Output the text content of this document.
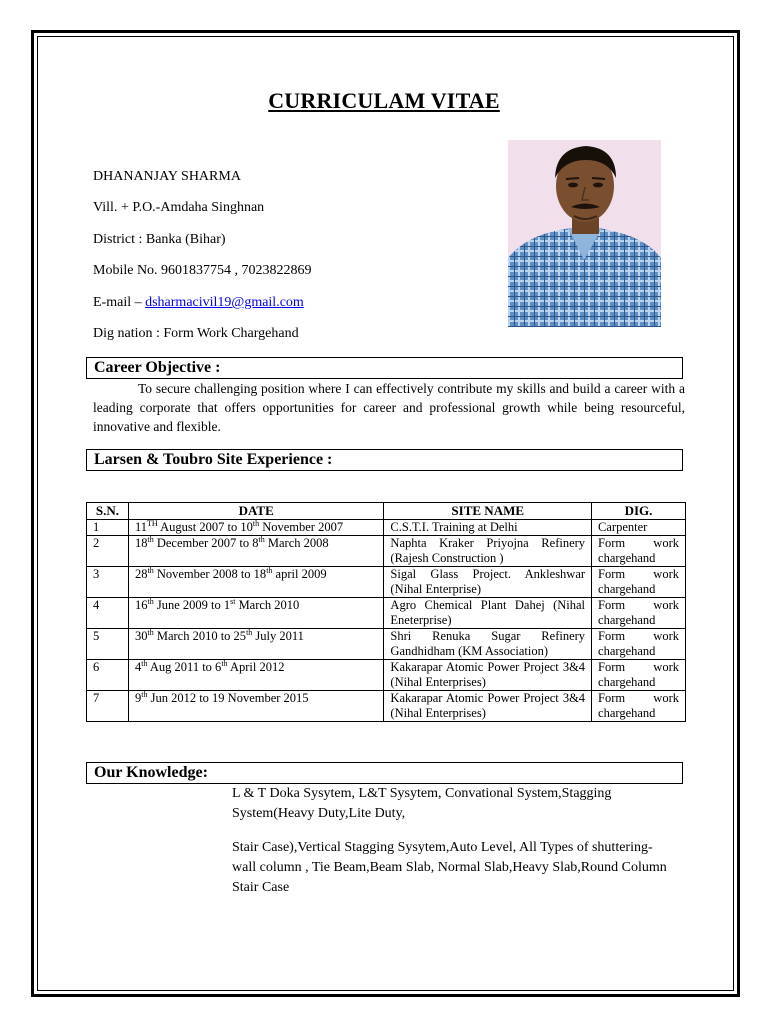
CURRICULAM VITAE
DHANANJAY SHARMA
Vill. + P.O.-Amdaha Singhnan
District : Banka (Bihar)
Mobile No. 9601837754 , 7023822869
E-mail – dsharmacivil19@gmail.com
Dig nation : Form Work Chargehand
Career Objective :
To secure challenging position where I can effectively contribute my skills and build a career with a leading corporate that offers opportunities for career and professional growth while being resourceful, innovative and flexible.
Larsen & Toubro Site Experience :
S.N.	DATE	SITE NAME	DIG.
1	11TH August 2007 to 10th November 2007	C.S.T.I. Training at Delhi	Carpenter
2	18th December 2007 to 8th March 2008	Naphta Kraker Priyojna Refinery (Rajesh Construction )	Form work chargehand
3	28th November 2008 to 18th april 2009	Sigal Glass Project. Ankleshwar (Nihal Enterprise)	Form work chargehand
4	16th June 2009 to 1st March 2010	Agro Chemical Plant Dahej (Nihal Eneterprise)	Form work chargehand
5	30th March 2010 to 25th July 2011	Shri Renuka Sugar Refinery Gandhidham (KM Association)	Form work chargehand
6	4th Aug 2011 to 6th April 2012	Kakarapar Atomic Power Project 3&4 (Nihal Enterprises)	Form work chargehand
7	9th Jun 2012 to 19 November 2015	Kakarapar Atomic Power Project 3&4 (Nihal Enterprises)	Form work chargehand
Our Knowledge:

L & T Doka Sysytem, L&T Sysytem, Convational System,Stagging System(Heavy Duty,Lite Duty,

Stair Case),Vertical Stagging Sysytem,Auto Level, All Types of shuttering-wall column , Tie Beam,Beam Slab, Normal Slab,Heavy Slab,Round Column Stair Case
